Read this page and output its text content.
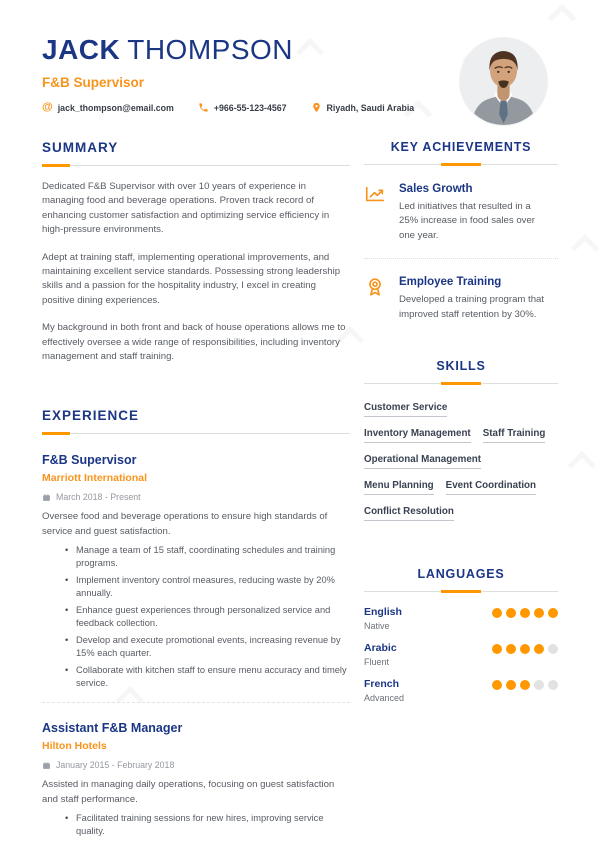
JACK THOMPSON
F&B Supervisor
@ jack_thompson@email.com	+966-55-123-4567	Riyadh, Saudi Arabia
SUMMARY

Dedicated F&B Supervisor with over 10 years of experience in managing food and beverage operations. Proven track record of enhancing customer satisfaction and optimizing service efficiency in high-pressure environments.

Adept at training staff, implementing operational improvements, and maintaining excellent service standards. Possessing strong leadership skills and a passion for the hospitality industry, I excel in creating positive dining experiences.

My background in both front and back of house operations allows me to effectively oversee a wide range of responsibilities, including inventory management and staff training.

EXPERIENCE
F&B Supervisor
Marriott International
March 2018 - Present
Oversee food and beverage operations to ensure high standards of service and guest satisfaction.
• Manage a team of 15 staff, coordinating schedules and training programs.
• Implement inventory control measures, reducing waste by 20% annually.
• Enhance guest experiences through personalized service and feedback collection.
• Develop and execute promotional events, increasing revenue by 15% each quarter.
• Collaborate with kitchen staff to ensure menu accuracy and timely service.
Assistant F&B Manager
Hilton Hotels
January 2015 - February 2018
Assisted in managing daily operations, focusing on guest satisfaction and staff performance.
• Facilitated training sessions for new hires, improving service quality.
KEY ACHIEVEMENTS
Sales Growth
Led initiatives that resulted in a 25% increase in food sales over one year.
Employee Training
Developed a training program that improved staff retention by 30%.
SKILLS
Customer Service
Inventory Management Staff Training
Operational Management
Menu Planning Event Coordination
Conflict Resolution
LANGUAGES
English
Native
Arabic
Fluent
French
Advanced
